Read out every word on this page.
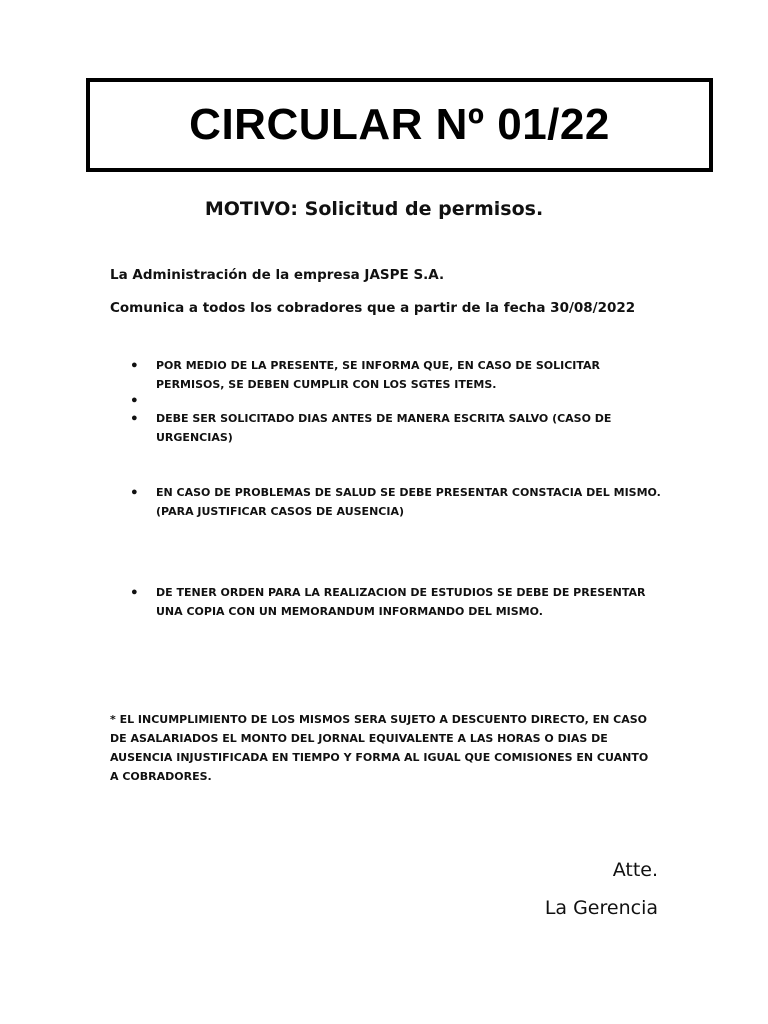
CIRCULAR Nº 01/22
MOTIVO: Solicitud de permisos.
La Administración de la empresa JASPE S.A.
Comunica a todos los cobradores que a partir de la fecha 30/08/2022
● POR MEDIO DE LA PRESENTE, SE INFORMA QUE, EN CASO DE SOLICITAR PERMISOS, SE DEBEN CUMPLIR CON LOS SGTES ITEMS.
●
● DEBE SER SOLICITADO DIAS ANTES DE MANERA ESCRITA SALVO (CASO DE URGENCIAS)
● EN CASO DE PROBLEMAS DE SALUD SE DEBE PRESENTAR CONSTACIA DEL MISMO. (PARA JUSTIFICAR CASOS DE AUSENCIA)
● DE TENER ORDEN PARA LA REALIZACION DE ESTUDIOS SE DEBE DE PRESENTAR UNA COPIA CON UN MEMORANDUM INFORMANDO DEL MISMO.
* EL INCUMPLIMIENTO DE LOS MISMOS SERA SUJETO A DESCUENTO DIRECTO, EN CASO DE ASALARIADOS EL MONTO DEL JORNAL EQUIVALENTE A LAS HORAS O DIAS DE AUSENCIA INJUSTIFICADA EN TIEMPO Y FORMA AL IGUAL QUE COMISIONES EN CUANTO A COBRADORES.
Atte.
La Gerencia
